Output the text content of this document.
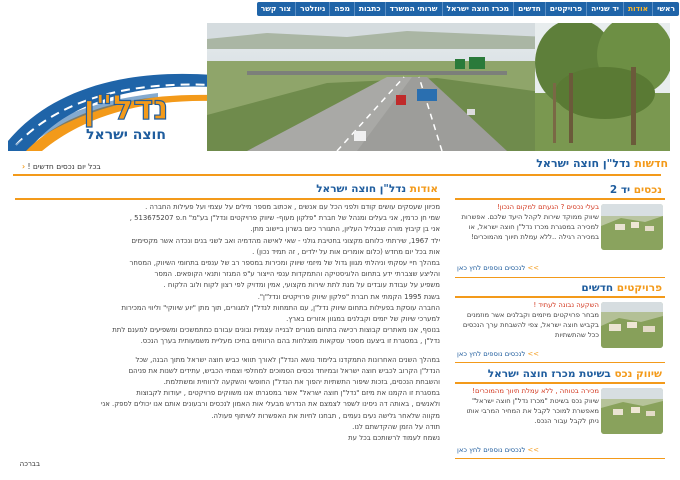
ראשי
אודות
יד שנייה
פרויקטים
חדשים
מכרז חוצה ישראל
שרותי המשרד
כתבות
מפה
ניוזלטר
צור קשר
נדל"ן
חוצה ישראל
חדשות נדל"ן חוצה ישראל
בכל יום נכסים חדשים ! ‹
נכסים יד 2
בעלי נכסים ? הגעתם למקום הנכון!
שיווק ממוקד שירות לקהל היעד שלכם. אפשרות למכירה במסגרת מכרז נדל"ן חוצה ישראל, או במכירה רגילה ..ללא עמלת תיווך מהמוכרים!
>> לנכסים נוספים לחץ כאן
פרויקטים חדשים
השקעה נבונה לעתיד !
מבחר פרויקטים מיזמים וקבלנים אשר מוזמנים בקביש חוצה ישראל, צפי להשבחת ערך הנכסים ככל שהתשתיות
>> לנכסים נוספים לחץ כאן
שיווק נכס בשיטת מכרז חוצה ישראל
מכירה בטוחה , ללא עמלת תיווך מהמוכרים!
שיווק נכס בשיטת "מכרז נדל"ן חוצה ישראל" מאפשרת למוכר לקבל את המחיר המרבי אותו ניתן לקבל עבור הנכס.
>> לנכסים נוספים לחץ כאן
אודות נדל"ן חוצה ישראל

מכיוון שעסקים עושים קודם ולפני הכל עם אנשים , אכתוב מספר מילים על עצמי ועל פעילות החברה .

שמי חן כרמין, אני בעלים ומנהל של חברת "פלקון מעוף- שיווק פרויקטים ונדל"ן בע"מ" ח.פ 513675207 ,

אני בן קיבוץ מורה שבגליל העליון, התגורר כיום בשרון ביישוב מתן.

ילד 1967, שירתתי כלוחם מקצוני בחטיבת גולני - שאי לאישה מהדמיה ואב לשני בנים ונכדה אשר מקסימים

אות בכל יום מחדש (כלום אומרים אות על ילדים , זה תמיד נכון) .

במהלך חיי עסקתי וניהלתי מגוון גדול של מיזמי שיווק ומכירות במספר רב של ענפים בתחומי השיווק, המסחר

והליצע שצברתי ידע בתחום הלוגיסטיקה והתמקדות ענפי הייצור ע"פ המגזר ותנאי הקופאים. המסר

משפיע על עבודת עובדים על מנת לתת שירות מקצועי, אמין ומדויק לפי רצון לקוח ולוב הלקוח .

בשנת 1995 הקמתי את חברת "פלקון שיווק פרויקטים ונדל"ן".

החברה עוסקת בפעילות בתחום שיווק נדל"ן, עם התמחות לנדל"ן למגורים, תוך מתן "יוע שיווקי" וליווי המכירות

למערכי שיווק של יזמים וקבלנים במגוון אזורים בארץ.

בנוסף, אנו מאתרים קבוצות רכישה בתחום מגורים לבנייה עצמית ובונים עבורם כמתמשכים ומשפיעים למענם לתת

נדל"ן , במסגרת זו ביצענו מספר עסקאות מוצלחות בהם הרווחים בחיכו מעליית משמעותית בערך הנכס.

במהלך השנים האחרונות התמקדנו בלימוד נושא הנדל"ן לאורך תוואי כביש חוצה ישראל מתוך הבנה, שכל

הנדל"ן הקרוב לכביש חוצה ישראל ובמיוחד נכסים הסמוכים למחלפי וצמתי הכביש, עתידים לשנות את פניהם

והשבחת הנכסים, בזכות שיפור התשתיות יהפוך את הנדל"ן החופשי והשקעה לרווחית ומשתלמת.

במסגרת זו הקמנו את מיזם "נדל"ן חוצה ישראל" אשר במסגרתו אנו משווקים פרויקטים , יעודות לקבוצות

ולאנשים , באותה דה ניסינו לשפר לצמצם את הנדרש מבעלי אות האמון לנכסים ורבעונים אותם אנו יכולים לספק. אני

מקווה שלאחר גלישה נעים נעמים , תבחנו לחיות את האפשרות לשיתוף פעולה.

תודה על הזמן שהקדשתם לנו.

נשמח לעמוד לרשותכם בכל עת

בברכה
